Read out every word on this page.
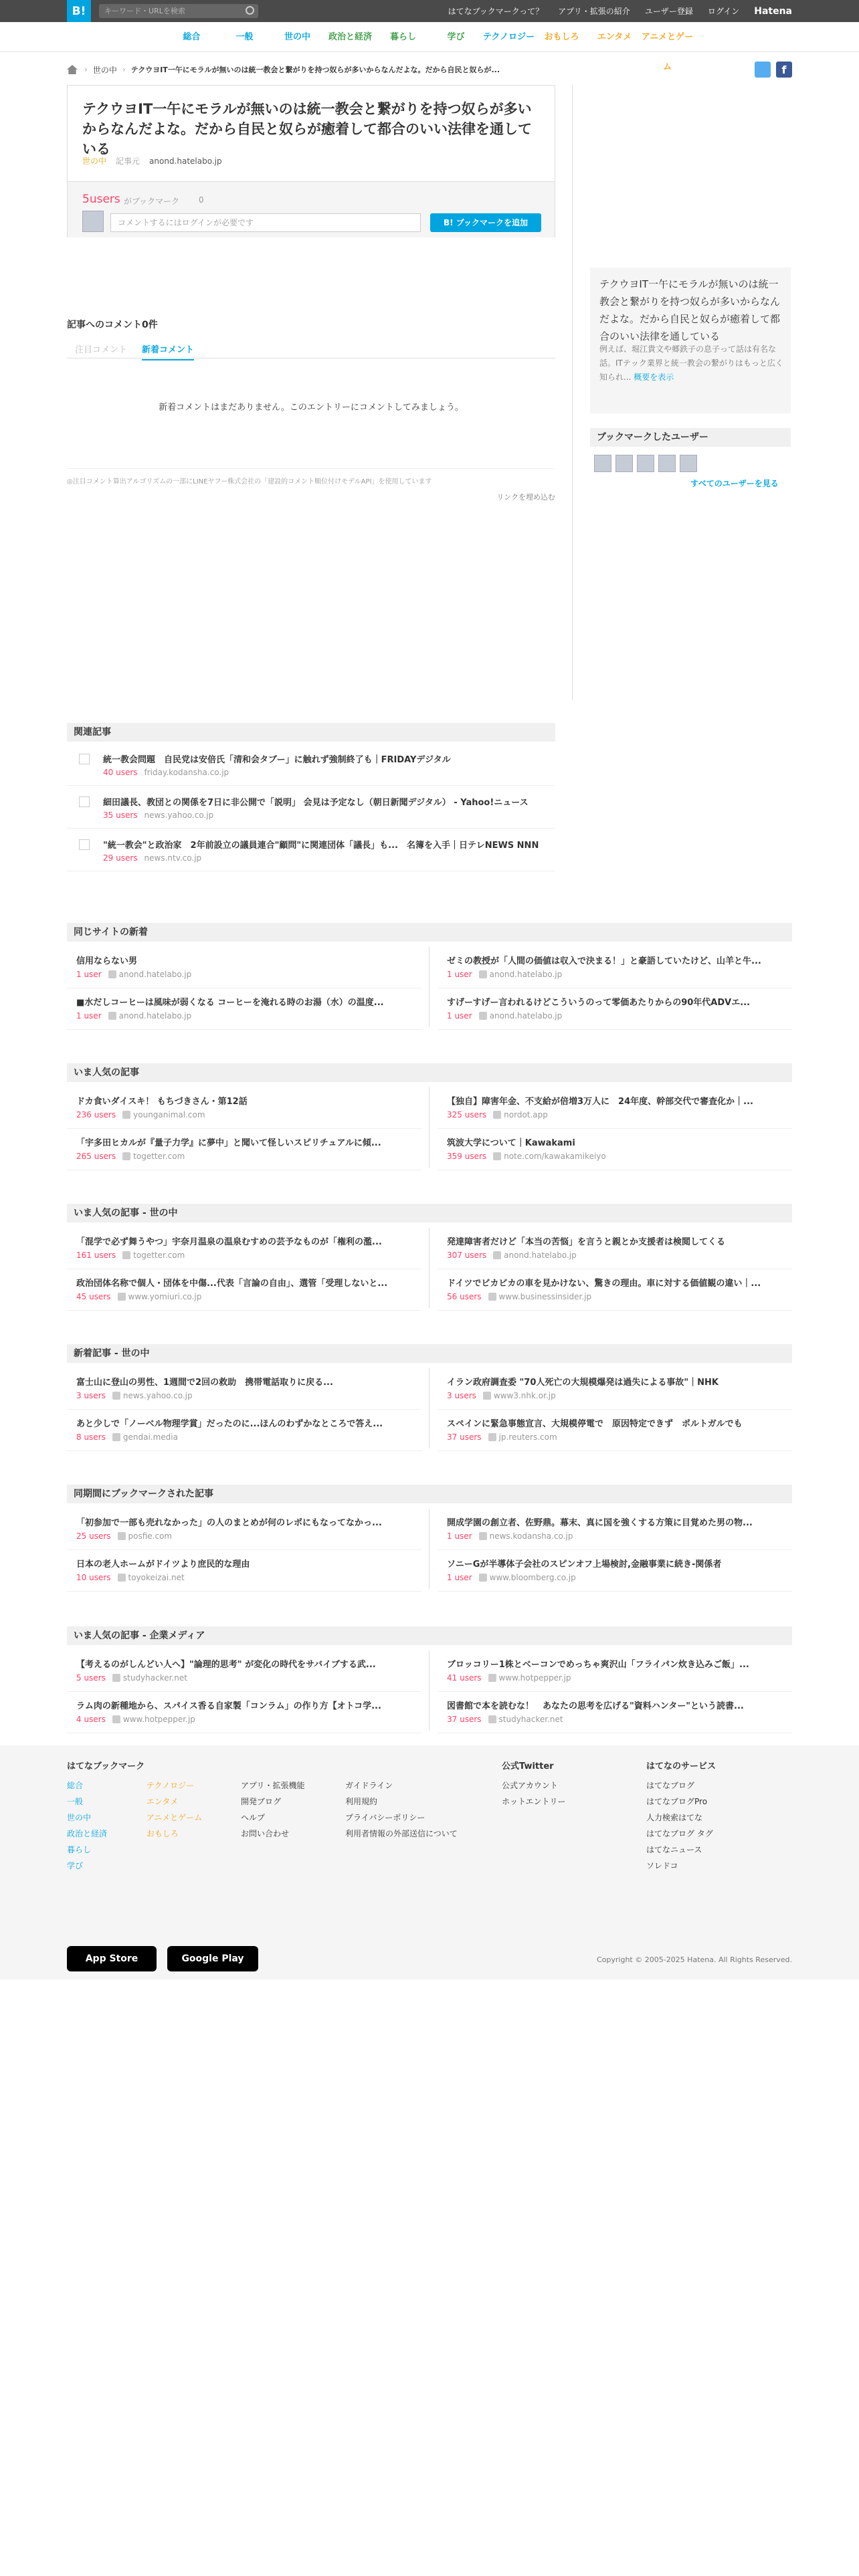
B!	キーワード・URLを検索	はてなブックマークって？ アプリ・拡張の紹介 ユーザー登録 ログイン Hatena
総合	一般	世の中	政治と経済	暮らし	学び	テクノロジー	おもしろ	エンタメ	アニメとゲーム
› 世の中 › テクウヨIT一午にモラルが無いのは統一教会と繋がりを持つ奴らが多いからなんだよな。だから自民と奴らが...	f
テクウヨIT一午にモラルが無いのは統一教会と繋がりを持つ奴らが多いからなんだよな。だから自民と奴らが癒着して都合のいい法律を通している
世の中 記事元 anond.hatelabo.jp
5users がブックマーク 0
コメントするにはログインが必要です	B! ブックマークを追加
テクウヨIT一午にモラルが無いのは統一教会と繋がりを持つ奴らが多いからなんだよな。だから自民と奴らが癒着して都合のいい法律を通している
例えば、堀江貴文や郷鉄子の息子って話は有名な話。ITテック業界と統一教会の繋がりはもっと広く知られ... 概要を表示
ブックマークしたユーザー
すべてのユーザーを見る
記事へのコメント0件
注目コメント 新着コメント
新着コメントはまだありません。このエントリーにコメントしてみましょう。
◎注目コメント算出アルゴリズムの一部にLINEヤフー株式会社の「建設的コメント順位付けモデルAPI」を使用しています
リンクを埋め込む
関連記事
統一教会問題　自民党は安倍氏「清和会タブー」に触れず強制終了も｜FRIDAYデジタル
40 users friday.kodansha.co.jp
細田議長、教団との関係を7日に非公開で「説明」 会見は予定なし（朝日新聞デジタル） - Yahoo!ニュース
35 users news.yahoo.co.jp
"統一教会"と政治家　2年前設立の議員連合"顧問"に関連団体「議長」も...　名簿を入手｜日テレNEWS NNN
29 users news.ntv.co.jp
同じサイトの新着
信用ならない男
1 user anond.hatelabo.jp
ゼミの教授が「人間の価値は収入で決まる！」と豪語していたけど、山羊と牛...
1 user anond.hatelabo.jp
■水だしコーヒーは風味が弱くなる コーヒーを淹れる時のお湯（水）の温度...
1 user anond.hatelabo.jp
すげーすげー言われるけどこういうのって零価あたりからの90年代ADVエ...
1 user anond.hatelabo.jp
いま人気の記事
ドカ食いダイスキ！ もちづきさん・第12話
236 users younganimal.com
【独自】障害年金、不支給が倍増3万人に　24年度、幹部交代で審査化か｜...
325 users nordot.app
「宇多田ヒカルが『量子力学』に夢中」と聞いて怪しいスピリチュアルに傾...
265 users togetter.com
筑波大学について｜Kawakami
359 users note.com/kawakamikeiyo
いま人気の記事 - 世の中
「混学で必ず舞うやつ」宇奈月温泉の温泉むすめの芸予なものが「権利の濫...
161 users togetter.com
発達障害者だけど「本当の苦悩」を言うと親とか支援者は検閲してくる
307 users anond.hatelabo.jp
政治団体名称で個人・団体を中傷...代表「言論の自由」、選管「受理しないと...
45 users www.yomiuri.co.jp
ドイツでビカビカの車を見かけない、驚きの理由。車に対する価値観の違い｜...
56 users www.businessinsider.jp
新着記事 - 世の中
富士山に登山の男性、1週間で2回の救助　携帯電話取りに戻る...
3 users news.yahoo.co.jp
イラン政府調査委 "70人死亡の大規模爆発は過失による事故"｜NHK
3 users www3.nhk.or.jp
あと少しで「ノーベル物理学賞」だったのに...ほんのわずかなところで答え...
8 users gendai.media
スペインに緊急事態宣言、大規模停電で　原因特定できず　ポルトガルでも
37 users jp.reuters.com
同期間にブックマークされた記事
「初参加で一部も売れなかった」の人のまとめが何のレポにもなってなかっ...
25 users posfie.com
開成学園の創立者、佐野鼎。幕末、真に国を強くする方策に目覚めた男の物...
1 user news.kodansha.co.jp
日本の老人ホームがドイツより庶民的な理由
10 users toyokeizai.net
ソニーGが半導体子会社のスピンオフ上場検討,金融事業に続き-関係者
1 user www.bloomberg.co.jp
いま人気の記事 - 企業メディア
【考えるのがしんどい人へ】"論理的思考" が変化の時代をサバイブする武...
5 users studyhacker.net
ブロッコリー1株とベーコンでめっちゃ爽沢山「フライパン炊き込みご飯」...
41 users www.hotpepper.jp
ラム肉の新種地から、スパイス香る自家製「コンラム」の作り方【オトコ学...
4 users www.hotpepper.jp
図書館で本を読むな！　あなたの思考を広げる"資料ハンター"という読書...
37 users studyhacker.net
はてなブックマーク
総合
一般
世の中
政治と経済
暮らし
学び

テクノロジー
エンタメ
アニメとゲーム
おもしろ
アプリ・拡張機能
開発ブログ
ヘルプ
お問い合わせ
ガイドライン
利用規約
プライバシーポリシー
利用者情報の外部送信について
公式Twitter
公式アカウント
ホットエントリー
はてなのサービス
はてなブログ
はてなブログPro
人力検索はてな
はてなブログ タグ
はてなニュース
ソレドコ
App Store	Google Play	Copyright © 2005-2025 Hatena. All Rights Reserved.
